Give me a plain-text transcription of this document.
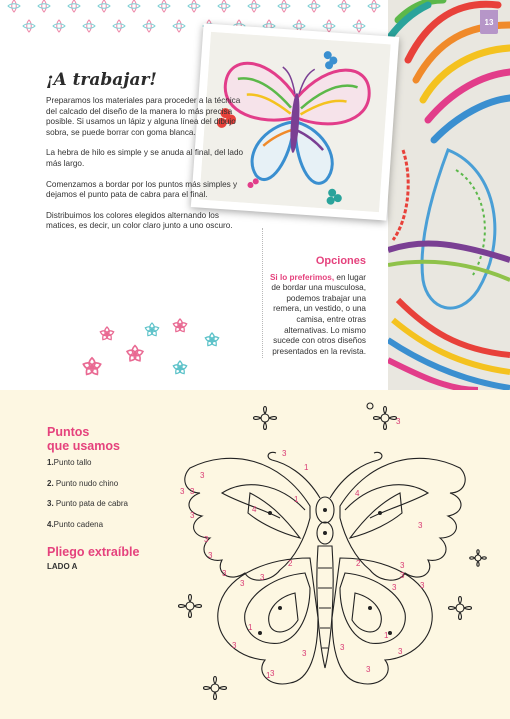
13
¡A trabajar!

Preparamos los materiales para proceder a la técnica del calcado del diseño de la manera lo más precisa posible. Si usamos un lápiz y alguna línea del dibujo sobra, se puede borrar con goma blanca.

La hebra de hilo es simple y se anuda al final, del lado más largo.

Comenzamos a bordar por los puntos más simples y dejamos el punto pata de cabra para el final.

Distribuimos los colores elegidos alternando los matices, es decir, un color claro junto a uno oscuro.

Opciones
Si lo preferimos, en lugar de bordar una musculosa, podemos trabajar una remera, un vestido, o una camisa, entre otras alternativas. Lo mismo sucede con otros diseños presentados en la revista.
Puntos
que usamos
1.Punto tallo
2. Punto nudo chino
3. Punto pata de cabra
4.Punto cadena
Pliego extraíble
LADO A
3
1
1
4
3
3
3
3
3
3
3
3
3
4
3
3
3
3
2
2
1
3
3
3
3
1
3
3
1
3
3
